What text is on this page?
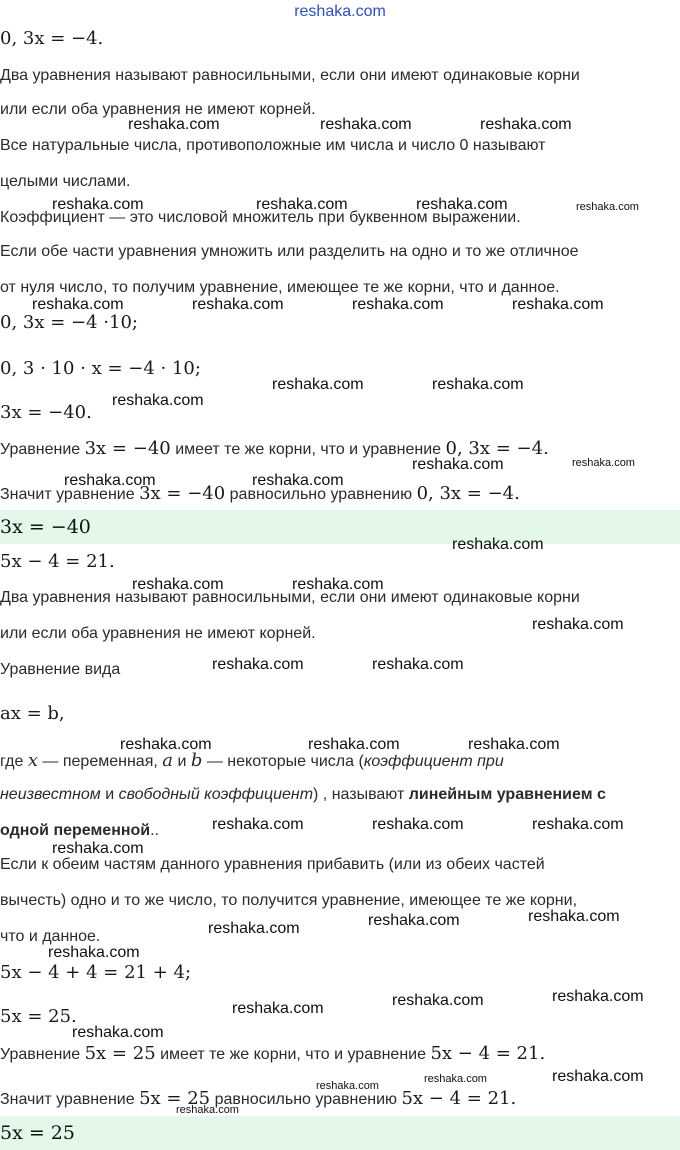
reshaka.com
0, 3x = −4.
Два уравнения называют равносильными, если они имеют одинаковые корни
или если оба уравнения не имеют корней.
Все натуральные числа, противоположные им числа и число 0 называют
целыми числами.
Коэффициент — это числовой множитель при буквенном выражении.
Если обе части уравнения умножить или разделить на одно и то же отличное
от нуля число, то получим уравнение, имеющее те же корни, что и данное.
0, 3x = −4 ·10;
0, 3 · 10 · x = −4 · 10;
3x = −40.
Уравнение 3x = −40 имеет те же корни, что и уравнение 0, 3x = −4.
Значит уравнение 3x = −40 равносильно уравнению 0, 3x = −4.
3x = −40
5x − 4 = 21.
Два уравнения называют равносильными, если они имеют одинаковые корни
или если оба уравнения не имеют корней.
Уравнение вида
ax = b,
где x — переменная, a и b — некоторые числа (коэффициент при
неизвестном и свободный коэффициент) , называют линейным уравнением с
одной переменной..
Если к обеим частям данного уравнения прибавить (или из обеих частей
вычесть) одно и то же число, то получится уравнение, имеющее те же корни,
что и данное.
5x − 4 + 4 = 21 + 4;
5x = 25.
Уравнение 5x = 25 имеет те же корни, что и уравнение 5x − 4 = 21.
Значит уравнение 5x = 25 равносильно уравнению 5x − 4 = 21.
5x = 25
reshaka.com	reshaka.com	reshaka.com
reshaka.com	reshaka.com	reshaka.com	reshaka.com
reshaka.com	reshaka.com	reshaka.com	reshaka.com
reshaka.com	reshaka.com
reshaka.com
reshaka.com	reshaka.com
reshaka.com	reshaka.com
reshaka.com
reshaka.com	reshaka.com
reshaka.com
reshaka.com	reshaka.com
reshaka.com	reshaka.com	reshaka.com
reshaka.com	reshaka.com	reshaka.com
reshaka.com
reshaka.com
reshaka.com
reshaka.com
reshaka.com
reshaka.com
reshaka.com
reshaka.com
reshaka.com
reshaka.com
reshaka.com
reshaka.com
reshaka.com
